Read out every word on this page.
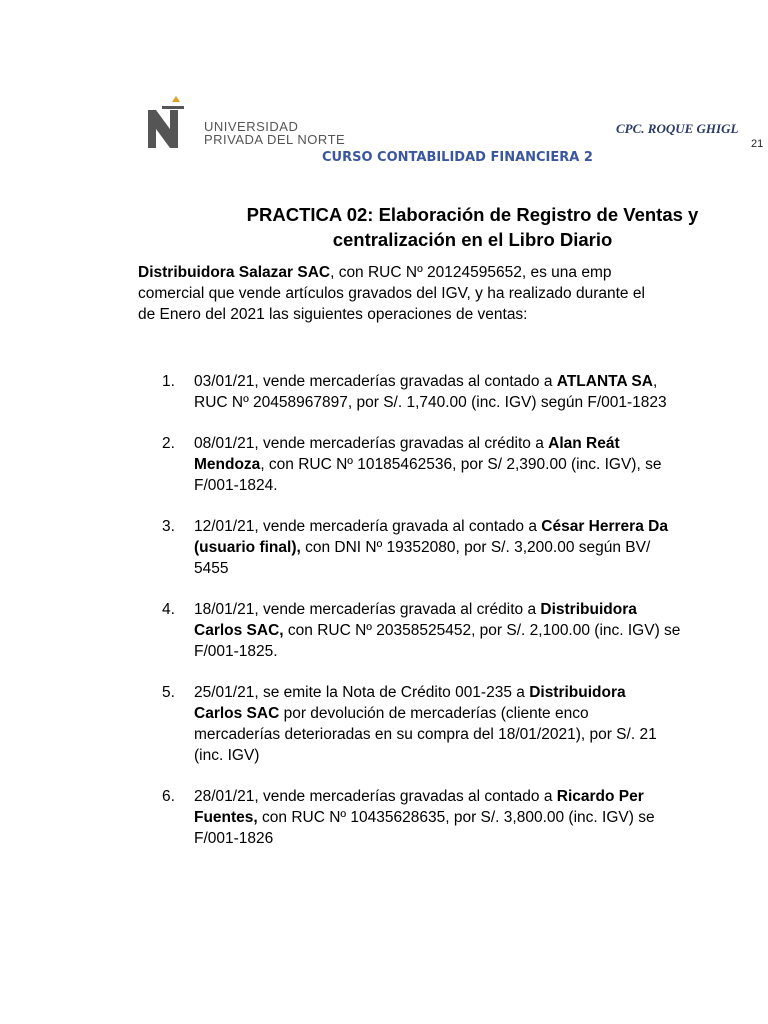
UNIVERSIDAD
PRIVADA DEL NORTE
CPC. ROQUE GHIGL
21
CURSO CONTABILIDAD FINANCIERA 2
PRACTICA 02: Elaboración de Registro de Ventas y
centralización en el Libro Diario
Distribuidora Salazar SAC, con RUC Nº 20124595652, es una emp
comercial que vende artículos gravados del IGV, y ha realizado durante el
de Enero del 2021 las siguientes operaciones de ventas:
1.	03/01/21, vende mercaderías gravadas al contado a ATLANTA SA,
RUC Nº 20458967897, por S/. 1,740.00 (inc. IGV) según F/001-1823
2.	08/01/21, vende mercaderías gravadas al crédito a Alan Reát
Mendoza, con RUC Nº 10185462536, por S/ 2,390.00 (inc. IGV), se
F/001-1824.
3.	12/01/21, vende mercadería gravada al contado a César Herrera Da
(usuario final), con DNI Nº 19352080, por S/. 3,200.00 según BV/
5455
4.	18/01/21, vende mercaderías gravada al crédito a Distribuidora
Carlos SAC, con RUC Nº 20358525452, por S/. 2,100.00 (inc. IGV) se
F/001-1825.
5.	25/01/21, se emite la Nota de Crédito 001-235 a Distribuidora
Carlos SAC por devolución de mercaderías (cliente enco
mercaderías deterioradas en su compra del 18/01/2021), por S/. 21
(inc. IGV)
6.	28/01/21, vende mercaderías gravadas al contado a Ricardo Per
Fuentes, con RUC Nº 10435628635, por S/. 3,800.00 (inc. IGV) se
F/001-1826
